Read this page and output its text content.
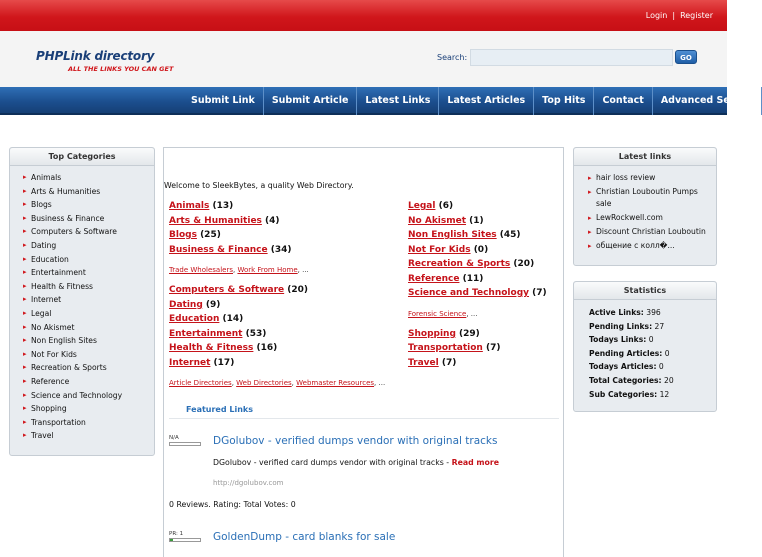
Login | Register
PHPLink directory
ALL THE LINKS YOU CAN GET
Search:	GO
Submit Link	Submit Article	Latest Links	Latest Articles	Top Hits	Contact	Advanced Search
Top Categories
▸ Animals
▸ Arts & Humanities
▸ Blogs
▸ Business & Finance
▸ Computers & Software
▸ Dating
▸ Education
▸ Entertainment
▸ Health & Fitness
▸ Internet
▸ Legal
▸ No Akismet
▸ Non English Sites
▸ Not For Kids
▸ Recreation & Sports
▸ Reference
▸ Science and Technology
▸ Shopping
▸ Transportation
▸ Travel
Latest links
▸ hair loss review
▸ Christian Louboutin Pumps sale
▸ LewRockwell.com
▸ Discount Christian Louboutin
▸ общение с колл�...
Statistics
Active Links: 396
Pending Links: 27
Todays Links: 0
Pending Articles: 0
Todays Articles: 0
Total Categories: 20
Sub Categories: 12
Welcome to SleekBytes, a quality Web Directory.
Animals (13)
Arts & Humanities (4)
Blogs (25)
Business & Finance (34)
Trade Wholesalers, Work From Home, ...
Computers & Software (20)
Dating (9)
Education (14)
Entertainment (53)
Health & Fitness (16)
Internet (17)
Article Directories, Web Directories, Webmaster Resources, ...
Legal (6)
No Akismet (1)
Non English Sites (45)
Not For Kids (0)
Recreation & Sports (20)
Reference (11)
Science and Technology (7)
Forensic Science, ...
Shopping (29)
Transportation (7)
Travel (7)
Featured Links
N/A	DGolubov - verified dumps vendor with original tracks
DGolubov - verified card dumps vendor with original tracks - Read more
http://dgolubov.com
0 Reviews. Rating: Total Votes: 0
PR: 1	GoldenDump - card blanks for sale
